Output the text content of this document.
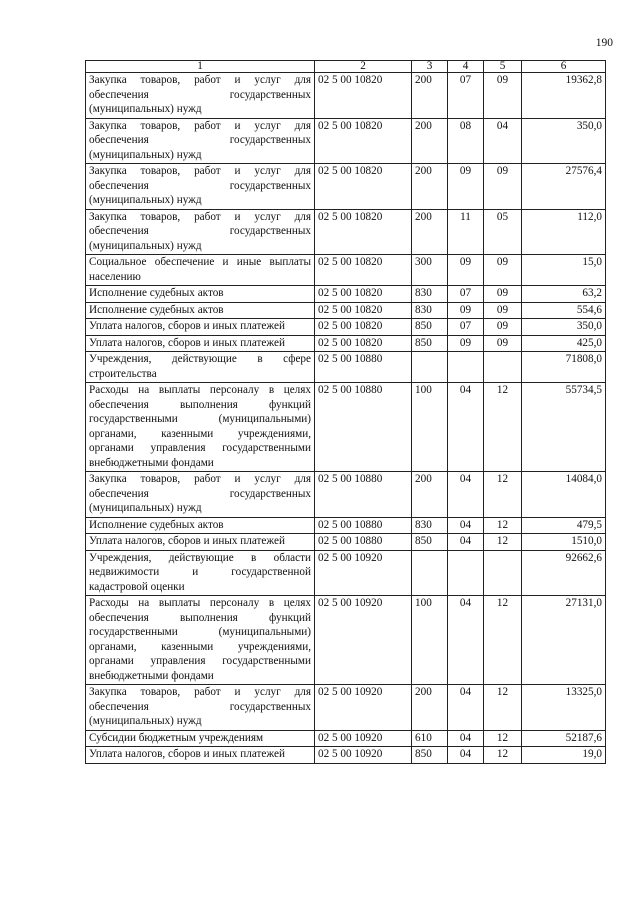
190
1	2	3	4	5	6
Закупка товаров, работ и услуг для обеспечения государственных (муниципальных) нужд	02 5 00 10820	200	07	09	19362,8
Закупка товаров, работ и услуг для обеспечения государственных (муниципальных) нужд	02 5 00 10820	200	08	04	350,0
Закупка товаров, работ и услуг для обеспечения государственных (муниципальных) нужд	02 5 00 10820	200	09	09	27576,4
Закупка товаров, работ и услуг для обеспечения государственных (муниципальных) нужд	02 5 00 10820	200	11	05	112,0
Социальное обеспечение и иные выплаты населению	02 5 00 10820	300	09	09	15,0
Исполнение судебных актов	02 5 00 10820	830	07	09	63,2
Исполнение судебных актов	02 5 00 10820	830	09	09	554,6
Уплата налогов, сборов и иных платежей	02 5 00 10820	850	07	09	350,0
Уплата налогов, сборов и иных платежей	02 5 00 10820	850	09	09	425,0
Учреждения, действующие в сфере строительства	02 5 00 10880				71808,0
Расходы на выплаты персоналу в целях обеспечения выполнения функций государственными (муниципальными) органами, казенными учреждениями, органами управления государственными внебюджетными фондами	02 5 00 10880	100	04	12	55734,5
Закупка товаров, работ и услуг для обеспечения государственных (муниципальных) нужд	02 5 00 10880	200	04	12	14084,0
Исполнение судебных актов	02 5 00 10880	830	04	12	479,5
Уплата налогов, сборов и иных платежей	02 5 00 10880	850	04	12	1510,0
Учреждения, действующие в области недвижимости и государственной кадастровой оценки	02 5 00 10920				92662,6
Расходы на выплаты персоналу в целях обеспечения выполнения функций государственными (муниципальными) органами, казенными учреждениями, органами управления государственными внебюджетными фондами	02 5 00 10920	100	04	12	27131,0
Закупка товаров, работ и услуг для обеспечения государственных (муниципальных) нужд	02 5 00 10920	200	04	12	13325,0
Субсидии бюджетным учреждениям	02 5 00 10920	610	04	12	52187,6
Уплата налогов, сборов и иных платежей	02 5 00 10920	850	04	12	19,0
